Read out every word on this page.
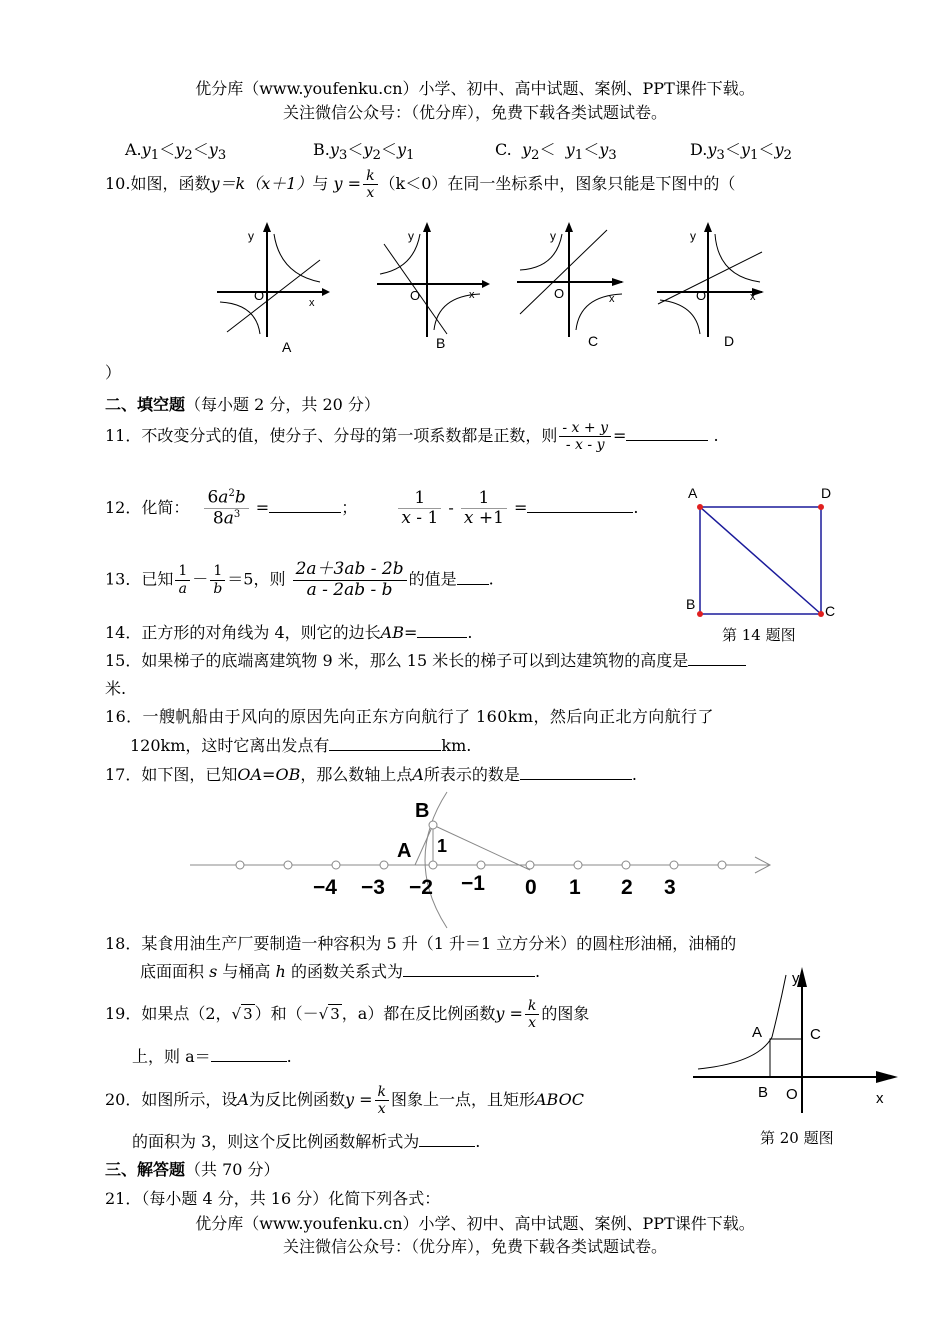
优分库（www.youfenku.cn）小学、初中、高中试题、案例、PPT课件下载。
关注微信公众号：（优分库），免费下载各类试题试卷。
$A.y_1<y_2<y_3$	$B.y_3<y_2<y_1$	C. $y_2< y_1<y_3$	$D.y_3<y_1<y_2$
10.如图，函数y＝k（x＋1）与 $y = \frac{k}{x} (k<0)$在同一坐标系中，图象只能是下图中的（
y
x
O
A
y
x
O
B
y
x
O
C
y
x
O
D
）
二、填空题（每小题 2 分，共 20 分）
11．不改变分式的值，使分子、分母的第一项系数都是正数，则 $\frac{- x + y}{- x - y}$ =	.
12．化简： $\frac{6a^2b}{8a^3}$ =	； $\frac{1}{x - 1} - \frac{1}{x +1}$ =	.
A	D
B	C
第 14 题图
13．已知 $\frac{1}{a} - \frac{1}{b} =5$，则 $\frac{2a+3ab - 2b}{a - 2ab - b}$ 的值是 .
14．正方形的对角线为 4，则它的边长AB=	.
15．如果梯子的底端离建筑物 9 米，那么 15 米长的梯子可以到达建筑物的高度是
米.
16．一艘帆船由于风向的原因先向正东方向航行了 160km，然后向正北方向航行了
120km，这时它离出发点有	km.
17．如下图，已知OA=OB，那么数轴上点A所表示的数是	.
B
A 1
−4 −3 −2 −1 0 1 2 3
18．某食用油生产厂要制造一种容积为 5 升（1 升＝1 立方分米）的圆柱形油桶，油桶的
底面面积 s 与桶高 h 的函数关系式为	.	y
A	C
B O	x
第 20 题图
19．如果点（2，√ 3 ）和（－√ 3 ，a）都在反比例函数$y = \frac{k}{x}$ 的图象
上，则 a＝	.
20．如图所示，设A为反比例函数$y = \frac{k}{x}$ 图象上一点，且矩形ABOC
的面积为 3，则这个反比例函数解析式为	.
三、解答题（共 70 分）
21．（每小题 4 分，共 16 分）化简下列各式：
优分库（www.youfenku.cn）小学、初中、高中试题、案例、PPT课件下载。
关注微信公众号：（优分库），免费下载各类试题试卷。
